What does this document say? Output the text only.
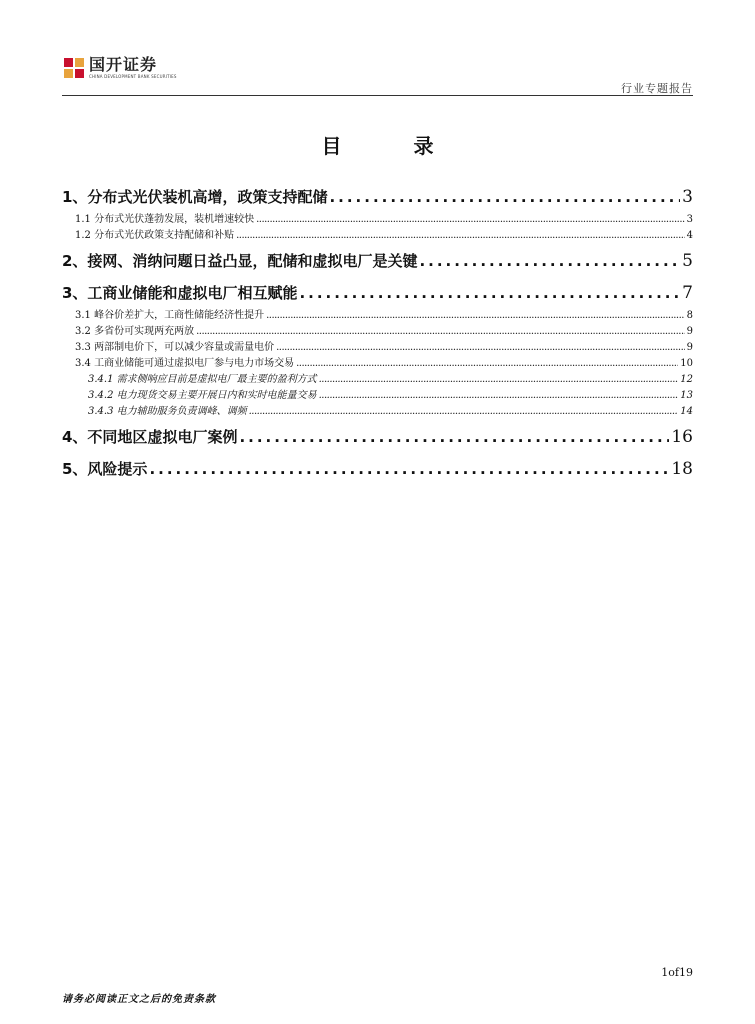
国开证券
CHINA DEVELOPMENT BANK SECURITIES
行业专题报告
目录
1、分布式光伏装机高增，政策支持配储 .....	3
1.1 分布式光伏蓬勃发展，装机增速较快 .....	3
1.2 分布式光伏政策支持配储和补贴 .....	4
2、接网、消纳问题日益凸显，配储和虚拟电厂是关键 .....	5
3、工商业储能和虚拟电厂相互赋能 .....	7
3.1 峰谷价差扩大，工商性储能经济性提升 .....	8
3.2 多省份可实现两充两放 .....	9
3.3 两部制电价下，可以减少容量或需量电价 .....	9
3.4 工商业储能可通过虚拟电厂参与电力市场交易 .....	10
3.4.1 需求侧响应目前是虚拟电厂最主要的盈利方式 .....	12
3.4.2 电力现货交易主要开展日内和实时电能量交易 .....	13
3.4.3 电力辅助服务负责调峰、调频 .....	14
4、不同地区虚拟电厂案例 .....	16
5、风险提示 .....	18
1of19
请务必阅读正文之后的免责条款
